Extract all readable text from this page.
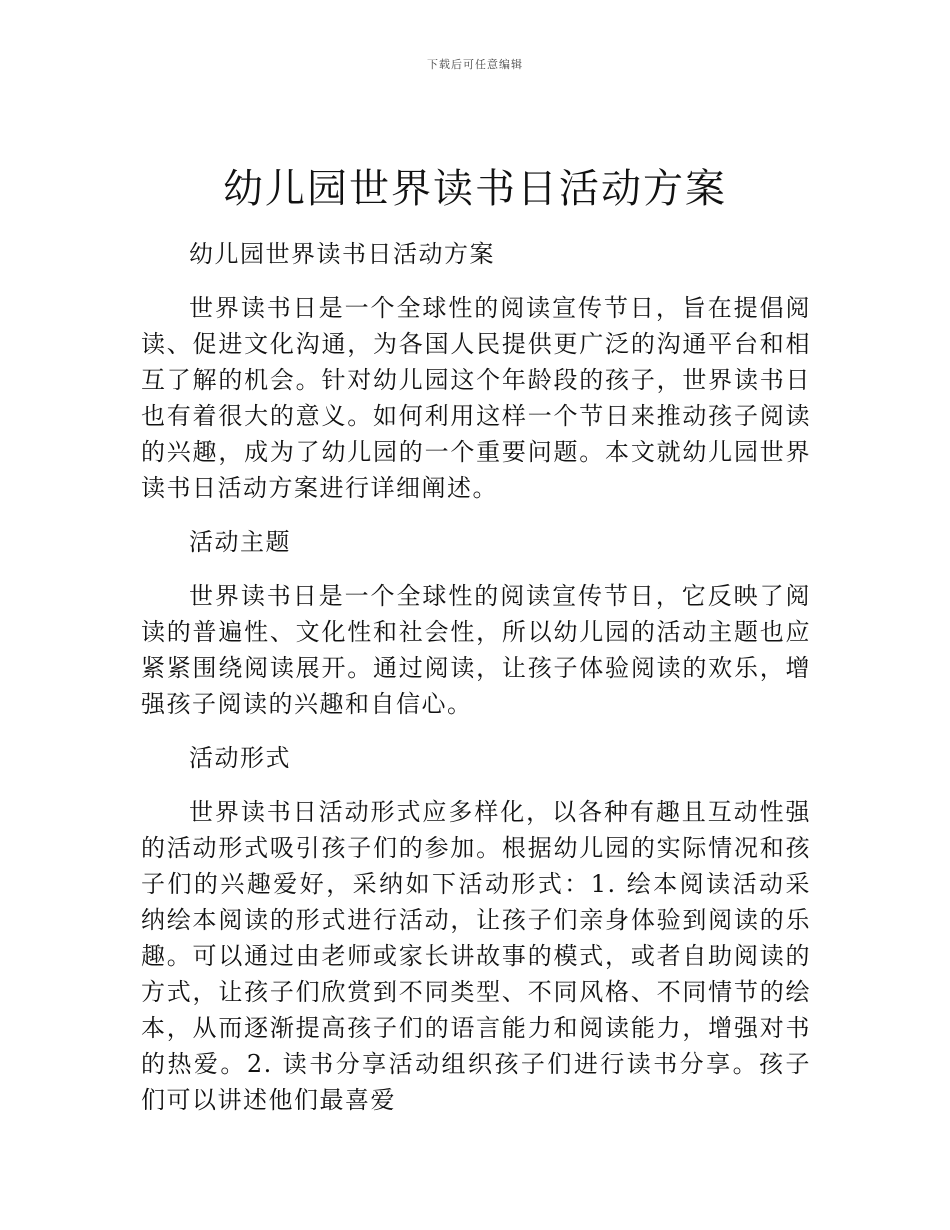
下载后可任意编辑
幼儿园世界读书日活动方案

幼儿园世界读书日活动方案

世界读书日是一个全球性的阅读宣传节日，旨在提倡阅读、促进文化沟通，为各国人民提供更广泛的沟通平台和相互了解的机会。针对幼儿园这个年龄段的孩子，世界读书日也有着很大的意义。如何利用这样一个节日来推动孩子阅读的兴趣，成为了幼儿园的一个重要问题。本文就幼儿园世界读书日活动方案进行详细阐述。

活动主题

世界读书日是一个全球性的阅读宣传节日，它反映了阅读的普遍性、文化性和社会性，所以幼儿园的活动主题也应紧紧围绕阅读展开。通过阅读，让孩子体验阅读的欢乐，增强孩子阅读的兴趣和自信心。

活动形式

世界读书日活动形式应多样化，以各种有趣且互动性强的活动形式吸引孩子们的参加。根据幼儿园的实际情况和孩子们的兴趣爱好，采纳如下活动形式：1. 绘本阅读活动采纳绘本阅读的形式进行活动，让孩子们亲身体验到阅读的乐趣。可以通过由老师或家长讲故事的模式，或者自助阅读的方式，让孩子们欣赏到不同类型、不同风格、不同情节的绘本，从而逐渐提高孩子们的语言能力和阅读能力，增强对书的热爱。2. 读书分享活动组织孩子们进行读书分享。孩子们可以讲述他们最喜爱
